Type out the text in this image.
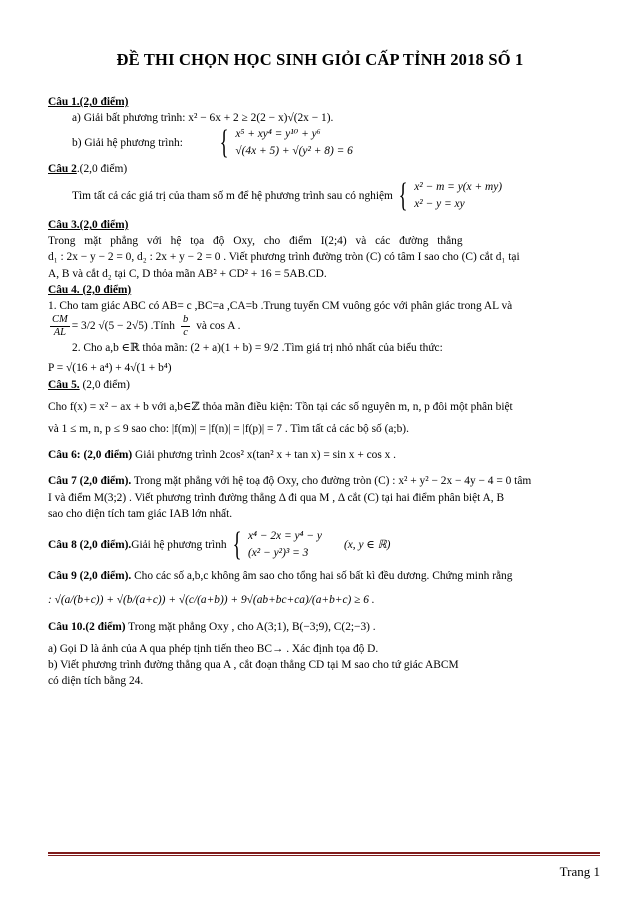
ĐỀ THI CHỌN HỌC SINH GIỎI CẤP TỈNH 2018 SỐ 1
Câu 1.(2,0 điểm)
a) Giải bất phương trình: x² − 6x + 2 ≥ 2(2 − x)√(2x − 1).
b) Giải hệ phương trình:	{ x⁵ + xy⁴ = y¹⁰ + y⁶
√(4x + 5) + √(y² + 8) = 6
Câu 2.(2,0 điểm)
Tìm tất cả các giá trị của tham số m để hệ phương trình sau có nghiệm { x² − m = y(x + my)
x² − y = xy
Câu 3.(2,0 điểm)
Trong mặt phẳng với hệ tọa độ Oxy, cho điểm I(2;4) và các đường thẳng
d₁ : 2x − y − 2 = 0, d₂ : 2x + y − 2 = 0 . Viết phương trình đường tròn (C) có tâm I sao cho (C) cắt d₁ tại
A, B và cắt d₂ tại C, D thỏa mãn AB² + CD² + 16 = 5AB.CD.
Câu 4. (2,0 điểm)
1. Cho tam giác ABC có AB= c ,BC=a ,CA=b .Trung tuyến CM vuông góc với phân giác trong AL và
$\frac{CM}{AL} = 3/2$ √(5 − 2√5) .Tính $\frac{b}{c}$ và cos A .
2. Cho a,b ∈ℝ thỏa mãn: (2 + a)(1 + b) = 9/2 .Tìm giá trị nhỏ nhất của biểu thức:
P = √(16 + a⁴) + 4√(1 + b⁴)
Câu 5. (2,0 điểm)
Cho f(x) = x² − ax + b với a,b∈ℤ thỏa mãn điều kiện: Tồn tại các số nguyên m, n, p đôi một phân biệt
và 1 ≤ m, n, p ≤ 9 sao cho: |f(m)| = |f(n)| = |f(p)| = 7 . Tìm tất cả các bộ số (a;b).
Câu 6: (2,0 điểm) Giải phương trình 2cos² x(tan² x + tan x) = sin x + cos x .
Câu 7 (2,0 điểm). Trong mặt phẳng với hệ toạ độ Oxy, cho đường tròn (C) : x² + y² − 2x − 4y − 4 = 0 tâm
I và điểm M(3;2) . Viết phương trình đường thẳng Δ đi qua M , Δ cắt (C) tại hai điểm phân biệt A, B
sao cho diện tích tam giác IAB lớn nhất.
Câu 8 (2,0 điểm). Giải hệ phương trình { x⁴ − 2x = y⁴ − y
(x² − y²)³ = 3
(x, y ∈ ℝ)
Câu 9 (2,0 điểm). Cho các số a,b,c không âm sao cho tổng hai số bất kì đều dương. Chứng minh rằng
: √(a/(b+c)) + √(b/(a+c)) + √(c/(a+b)) + 9√(ab+bc+ca)/(a+b+c) ≥ 6 .
Câu 10.(2 điểm) Trong mặt phẳng Oxy , cho A(3;1), B(−3;9), C(2;−3) .
a) Gọi D là ảnh của A qua phép tịnh tiến theo BC→ . Xác định tọa độ D.
b) Viết phương trình đường thẳng qua A , cắt đoạn thẳng CD tại M sao cho tứ giác ABCM
có diện tích bằng 24.
Trang 1
